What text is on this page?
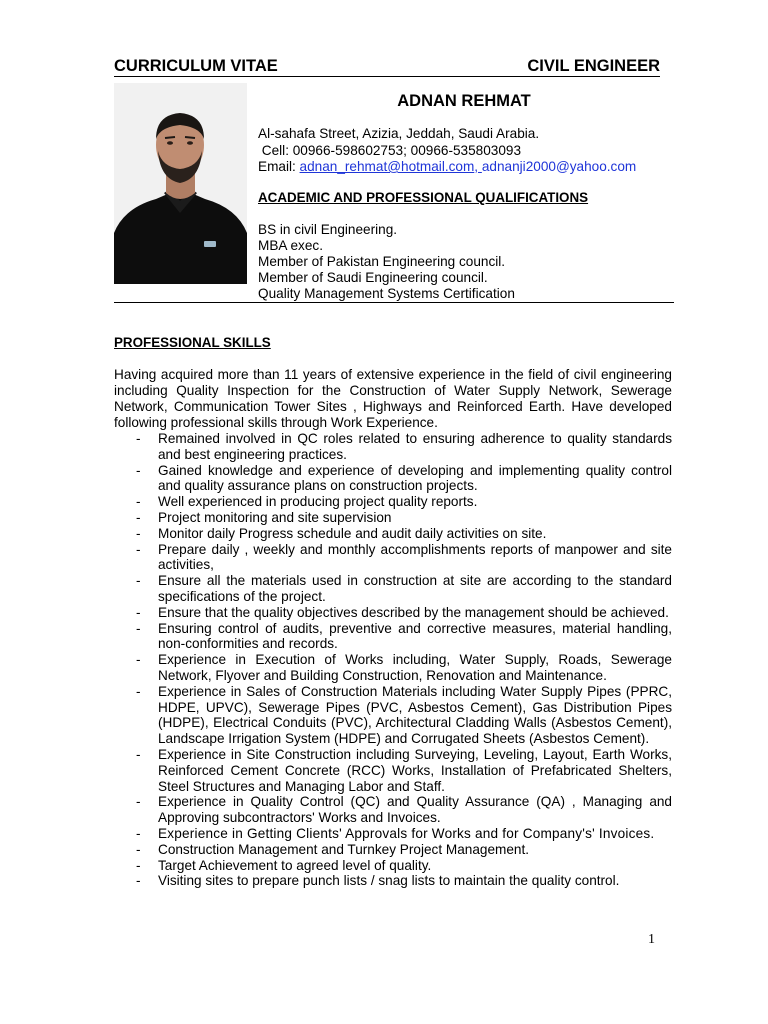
CURRICULUM VITAE	CIVIL ENGINEER
ADNAN REHMAT
Al-sahafa Street, Azizia, Jeddah, Saudi Arabia.
Cell: 00966-598602753; 00966-535803093
Email: adnan_rehmat@hotmail.com, adnanji2000@yahoo.com
ACADEMIC AND PROFESSIONAL QUALIFICATIONS
BS in civil Engineering.
MBA exec.
Member of Pakistan Engineering council.
Member of Saudi Engineering council.
Quality Management Systems Certification
PROFESSIONAL SKILLS

Having acquired more than 11 years of extensive experience in the field of civil engineering including Quality Inspection for the Construction of Water Supply Network, Sewerage Network, Communication Tower Sites , Highways and Reinforced Earth. Have developed following professional skills through Work Experience.

- Remained involved in QC roles related to ensuring adherence to quality standards and best engineering practices.
- Gained knowledge and experience of developing and implementing quality control and quality assurance plans on construction projects.
- Well experienced in producing project quality reports.
- Project monitoring and site supervision
- Monitor daily Progress schedule and audit daily activities on site.
- Prepare daily , weekly and monthly accomplishments reports of manpower and site activities,
- Ensure all the materials used in construction at site are according to the standard specifications of the project.
- Ensure that the quality objectives described by the management should be achieved.
- Ensuring control of audits, preventive and corrective measures, material handling, non-conformities and records.
- Experience in Execution of Works including, Water Supply, Roads, Sewerage Network, Flyover and Building Construction, Renovation and Maintenance.
- Experience in Sales of Construction Materials including Water Supply Pipes (PPRC, HDPE, UPVC), Sewerage Pipes (PVC, Asbestos Cement), Gas Distribution Pipes (HDPE), Electrical Conduits (PVC), Architectural Cladding Walls (Asbestos Cement), Landscape Irrigation System (HDPE) and Corrugated Sheets (Asbestos Cement).
- Experience in Site Construction including Surveying, Leveling, Layout, Earth Works, Reinforced Cement Concrete (RCC) Works, Installation of Prefabricated Shelters, Steel Structures and Managing Labor and Staff.
- Experience in Quality Control (QC) and Quality Assurance (QA) , Managing and Approving subcontractors' Works and Invoices.
- Experience in Getting Clients' Approvals for Works and for Company's' Invoices.
- Construction Management and Turnkey Project Management.
- Target Achievement to agreed level of quality.
- Visiting sites to prepare punch lists / snag lists to maintain the quality control.
1
